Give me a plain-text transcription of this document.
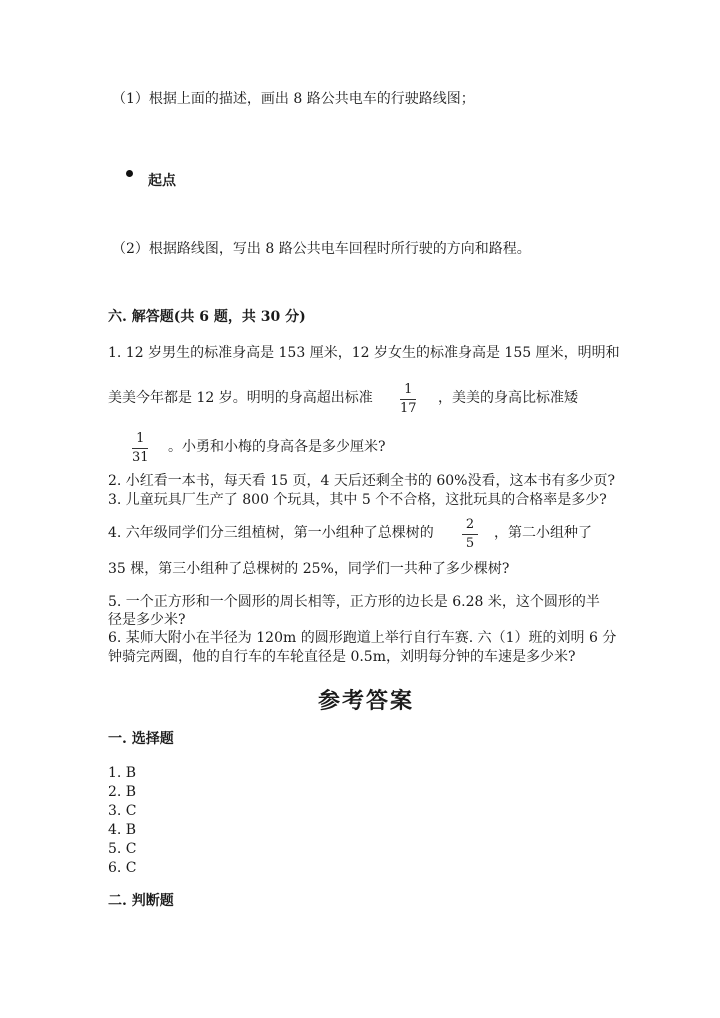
（1）根据上面的描述，画出 8 路公共电车的行驶路线图；
起点
（2）根据路线图，写出 8 路公共电车回程时所行驶的方向和路程。
六. 解答题(共 6 题，共 30 分)
1. 12 岁男生的标准身高是 153 厘米，12 岁女生的标准身高是 155 厘米，明明和
美美今年都是 12 岁。明明的身高超出标准
1
17
，美美的身高比标准矮
1
31
。小勇和小梅的身高各是多少厘米?
2. 小红看一本书，每天看 15 页，4 天后还剩全书的 60%没看，这本书有多少页?
3. 儿童玩具厂生产了 800 个玩具，其中 5 个不合格，这批玩具的合格率是多少?
4. 六年级同学们分三组植树，第一小组种了总棵树的
2
5
，第二小组种了
35 棵，第三小组种了总棵树的 25%，同学们一共种了多少棵树?
5. 一个正方形和一个圆形的周长相等，正方形的边长是 6.28 米，这个圆形的半
径是多少米?
6. 某师大附小在半径为 120m 的圆形跑道上举行自行车赛. 六（1）班的刘明 6 分
钟骑完两圈，他的自行车的车轮直径是 0.5m，刘明每分钟的车速是多少米?
参考答案
一. 选择题
1. B
2. B
3. C
4. B
5. C
6. C
二. 判断题
